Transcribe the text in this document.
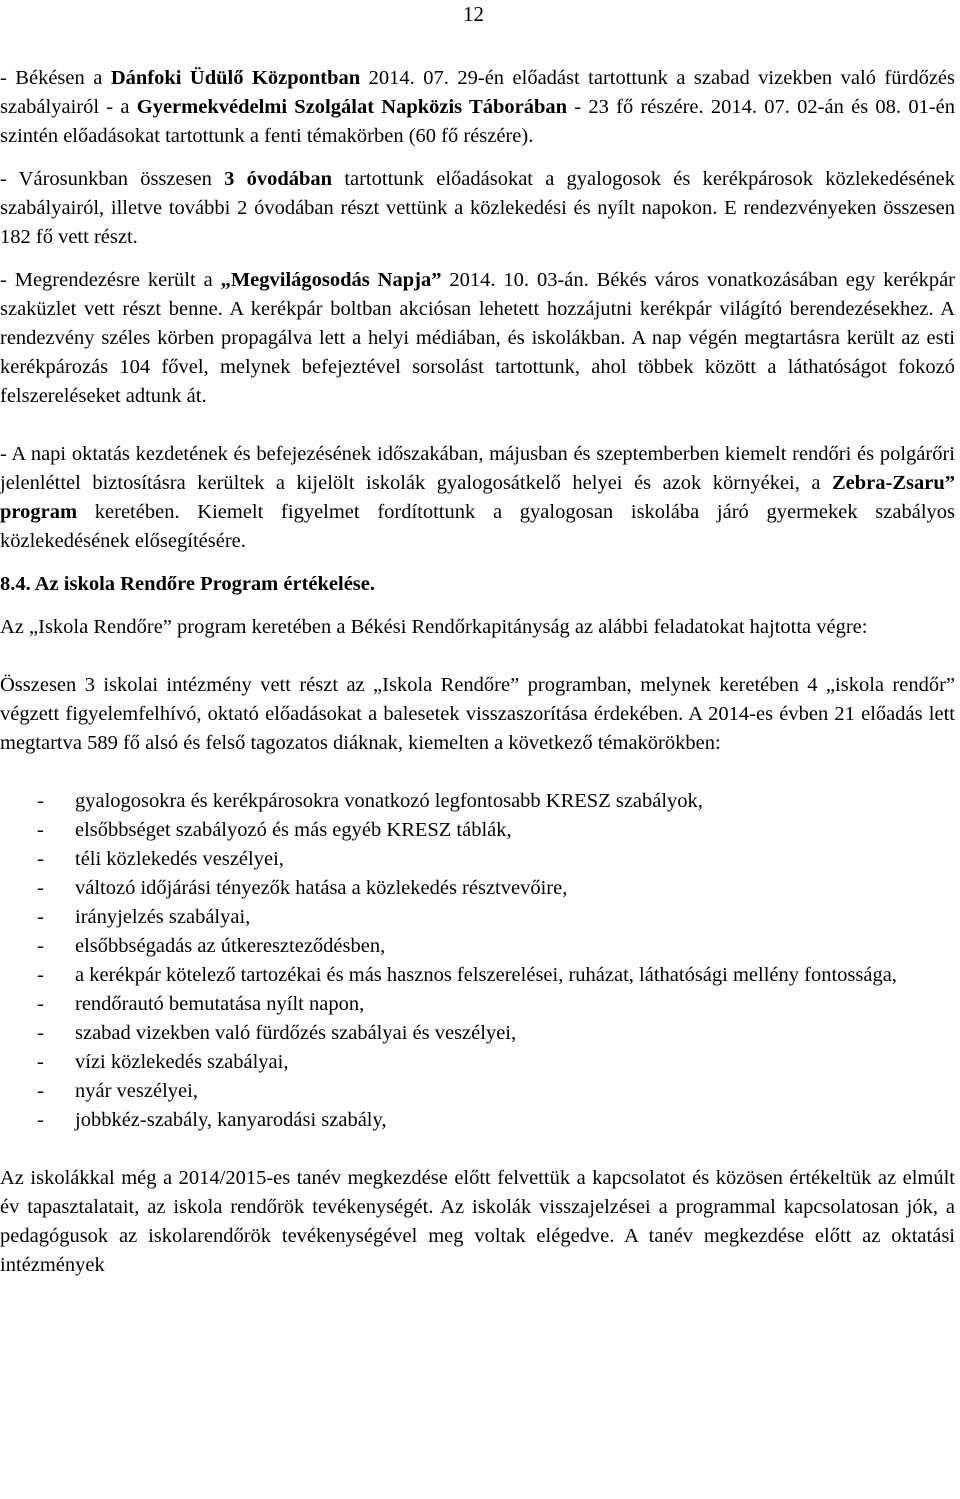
12

- Békésen a Dánfoki Üdülő Központban 2014. 07. 29-én előadást tartottunk a szabad vizekben való fürdőzés szabályairól - a Gyermekvédelmi Szolgálat Napközis Táborában - 23 fő részére. 2014. 07. 02-án és 08. 01-én szintén előadásokat tartottunk a fenti témakörben (60 fő részére).

- Városunkban összesen 3 óvodában tartottunk előadásokat a gyalogosok és kerékpárosok közlekedésének szabályairól, illetve további 2 óvodában részt vettünk a közlekedési és nyílt napokon. E rendezvényeken összesen 182 fő vett részt.

- Megrendezésre került a „Megvilágosodás Napja” 2014. 10. 03-án. Békés város vonatkozásában egy kerékpár szaküzlet vett részt benne. A kerékpár boltban akciósan lehetett hozzájutni kerékpár világító berendezésekhez. A rendezvény széles körben propagálva lett a helyi médiában, és iskolákban. A nap végén megtartásra került az esti kerékpározás 104 fővel, melynek befejeztével sorsolást tartottunk, ahol többek között a láthatóságot fokozó felszereléseket adtunk át.

- A napi oktatás kezdetének és befejezésének időszakában, májusban és szeptemberben kiemelt rendőri és polgárőri jelenléttel biztosításra kerültek a kijelölt iskolák gyalogosátkelő helyei és azok környékei, a Zebra-Zsaru” program keretében. Kiemelt figyelmet fordítottunk a gyalogosan iskolába járó gyermekek szabályos közlekedésének elősegítésére.

8.4. Az iskola Rendőre Program értékelése.

Az „Iskola Rendőre” program keretében a Békési Rendőrkapitányság az alábbi feladatokat hajtotta végre:

Összesen 3 iskolai intézmény vett részt az „Iskola Rendőre” programban, melynek keretében 4 „iskola rendőr” végzett figyelemfelhívó, oktató előadásokat a balesetek visszaszorítása érdekében. A 2014-es évben 21 előadás lett megtartva 589 fő alsó és felső tagozatos diáknak, kiemelten a következő témakörökben:

- gyalogosokra és kerékpárosokra vonatkozó legfontosabb KRESZ szabályok,
- elsőbbséget szabályozó és más egyéb KRESZ táblák,
- téli közlekedés veszélyei,
- változó időjárási tényezők hatása a közlekedés résztvevőire,
- irányjelzés szabályai,
- elsőbbségadás az útkereszteződésben,
- a kerékpár kötelező tartozékai és más hasznos felszerelései, ruházat, láthatósági mellény fontossága,
- rendőrautó bemutatása nyílt napon,
- szabad vizekben való fürdőzés szabályai és veszélyei,
- vízi közlekedés szabályai,
- nyár veszélyei,
- jobbkéz-szabály, kanyarodási szabály,

Az iskolákkal még a 2014/2015-es tanév megkezdése előtt felvettük a kapcsolatot és közösen értékeltük az elmúlt év tapasztalatait, az iskola rendőrök tevékenységét. Az iskolák visszajelzései a programmal kapcsolatosan jók, a pedagógusok az iskolarendőrök tevékenységével meg voltak elégedve. A tanév megkezdése előtt az oktatási intézmények
